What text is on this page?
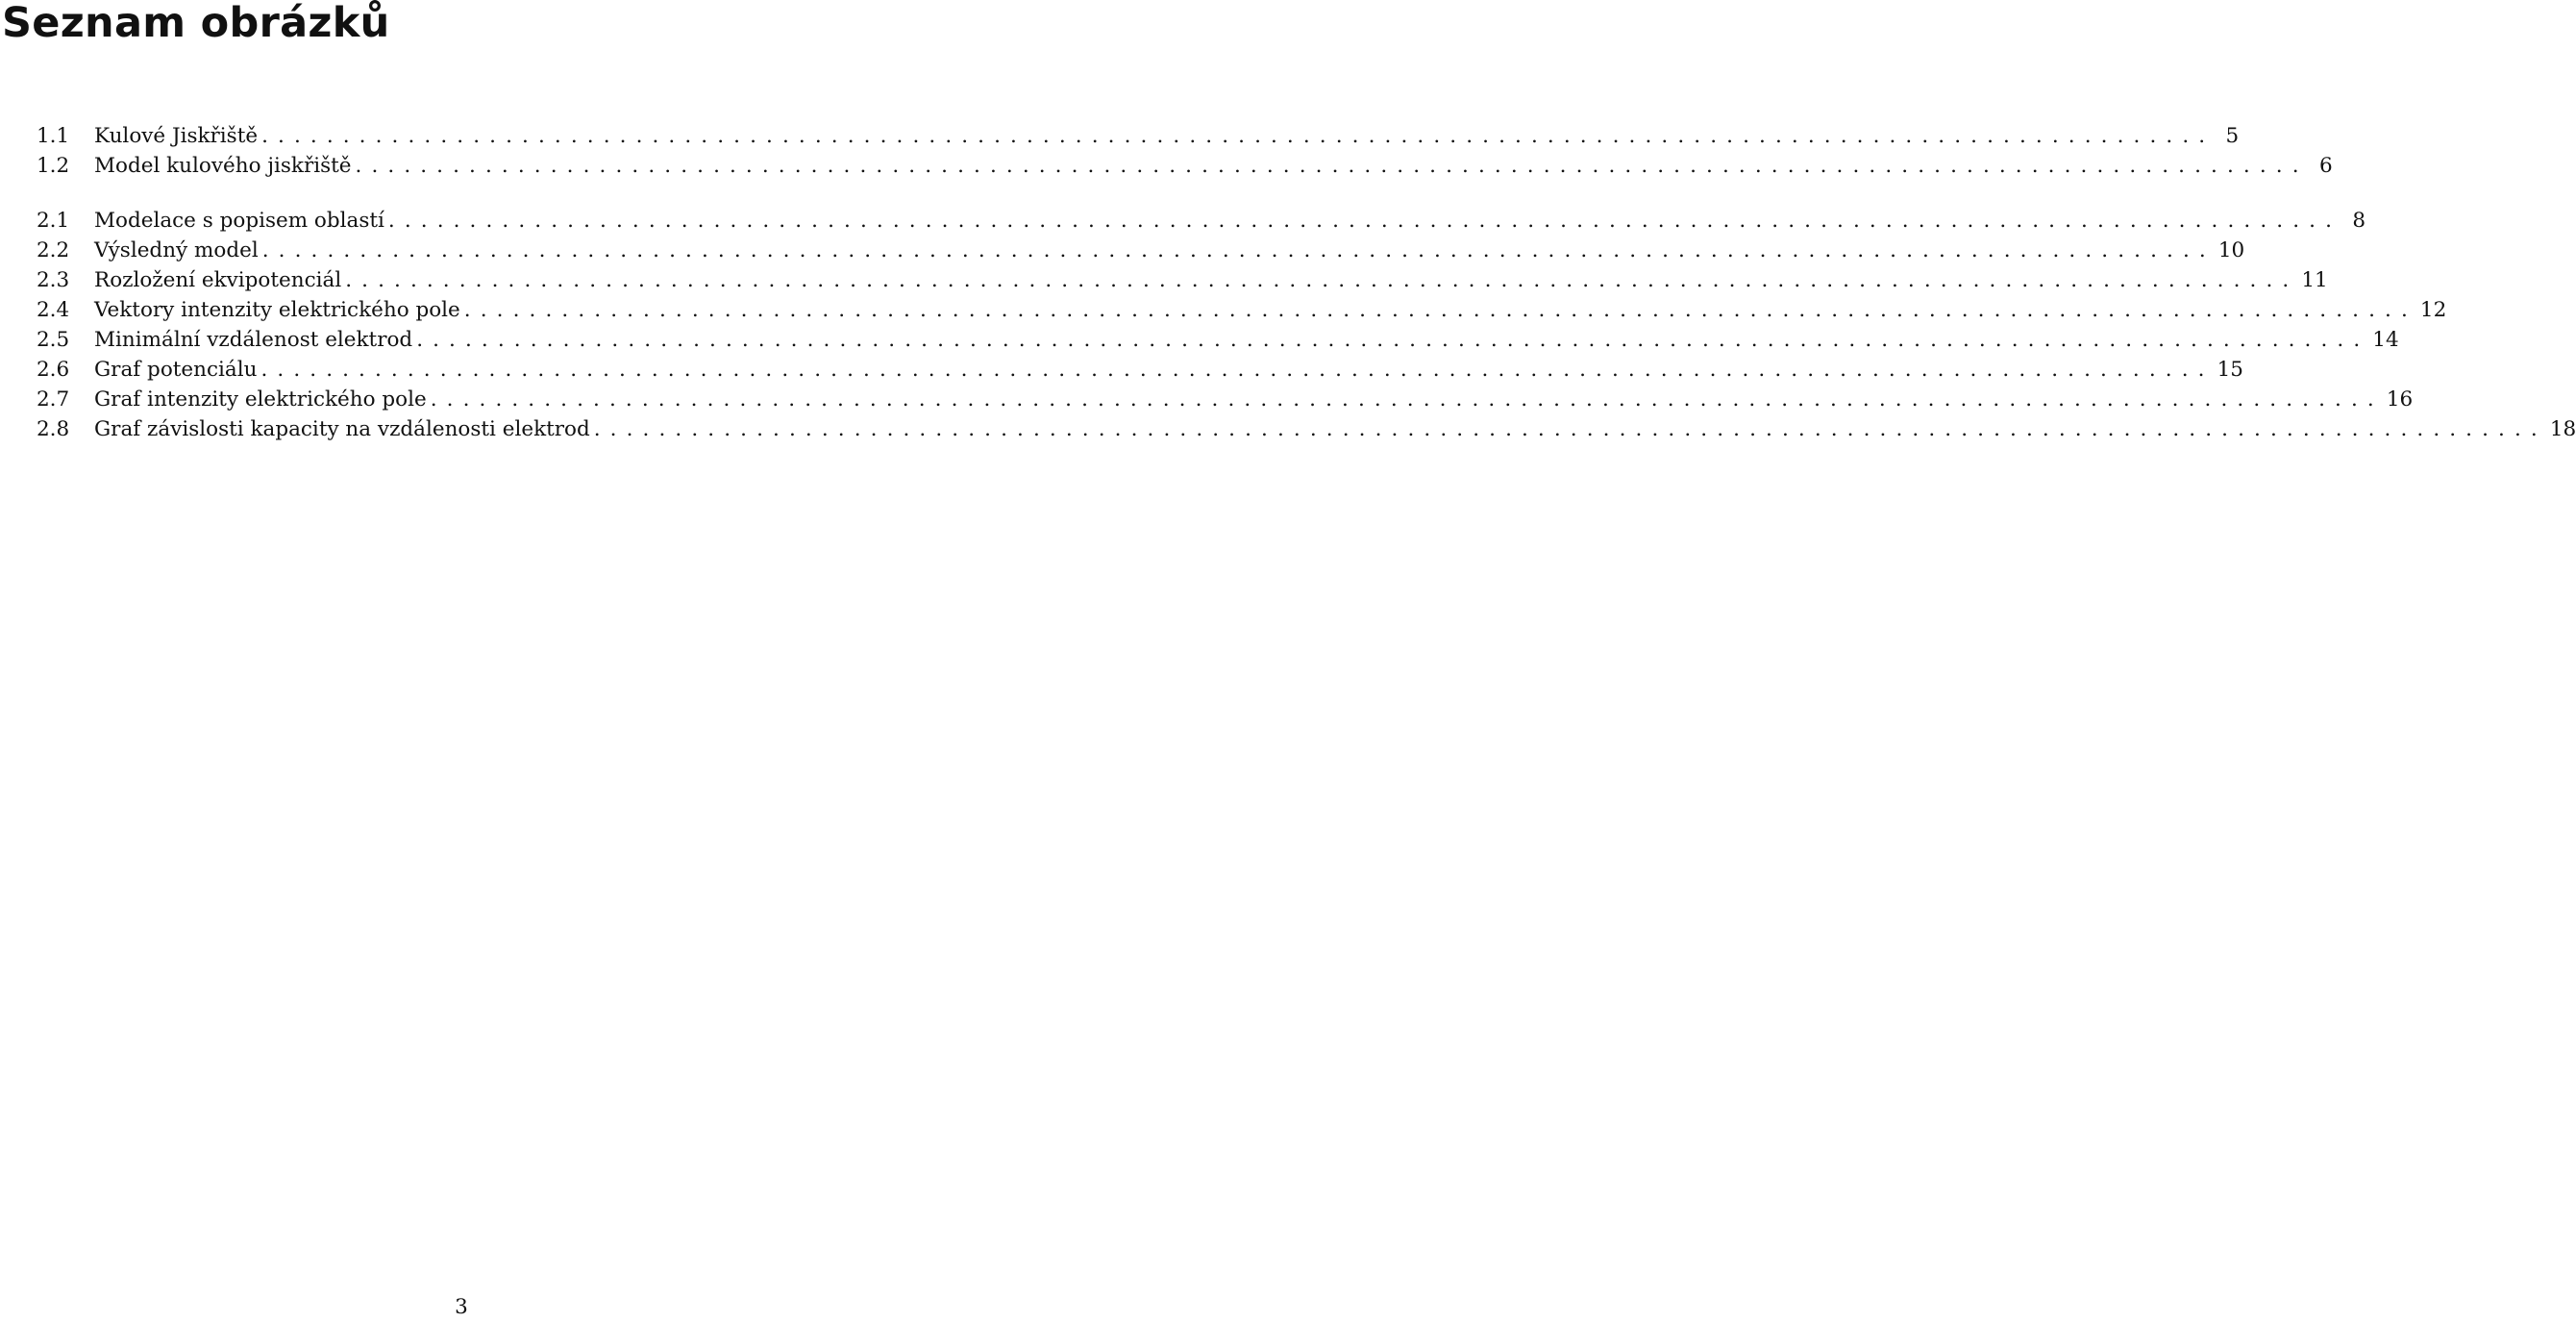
Seznam obrázků
1.1	Kulové Jiskřiště ........................................................................................................................ 5
1.2	Model kulového jiskřiště ........................................................................................................................ 6
2.1	Modelace s popisem oblastí ........................................................................................................................ 8
2.2	Výsledný model ........................................................................................................................ 10
2.3	Rozložení ekvipotenciál ........................................................................................................................ 11
2.4	Vektory intenzity elektrického pole ........................................................................................................................ 12
2.5	Minimální vzdálenost elektrod ........................................................................................................................ 14
2.6	Graf potenciálu ........................................................................................................................ 15
2.7	Graf intenzity elektrického pole ........................................................................................................................ 16
2.8	Graf závislosti kapacity na vzdálenosti elektrod ........................................................................................................................ 18
3
